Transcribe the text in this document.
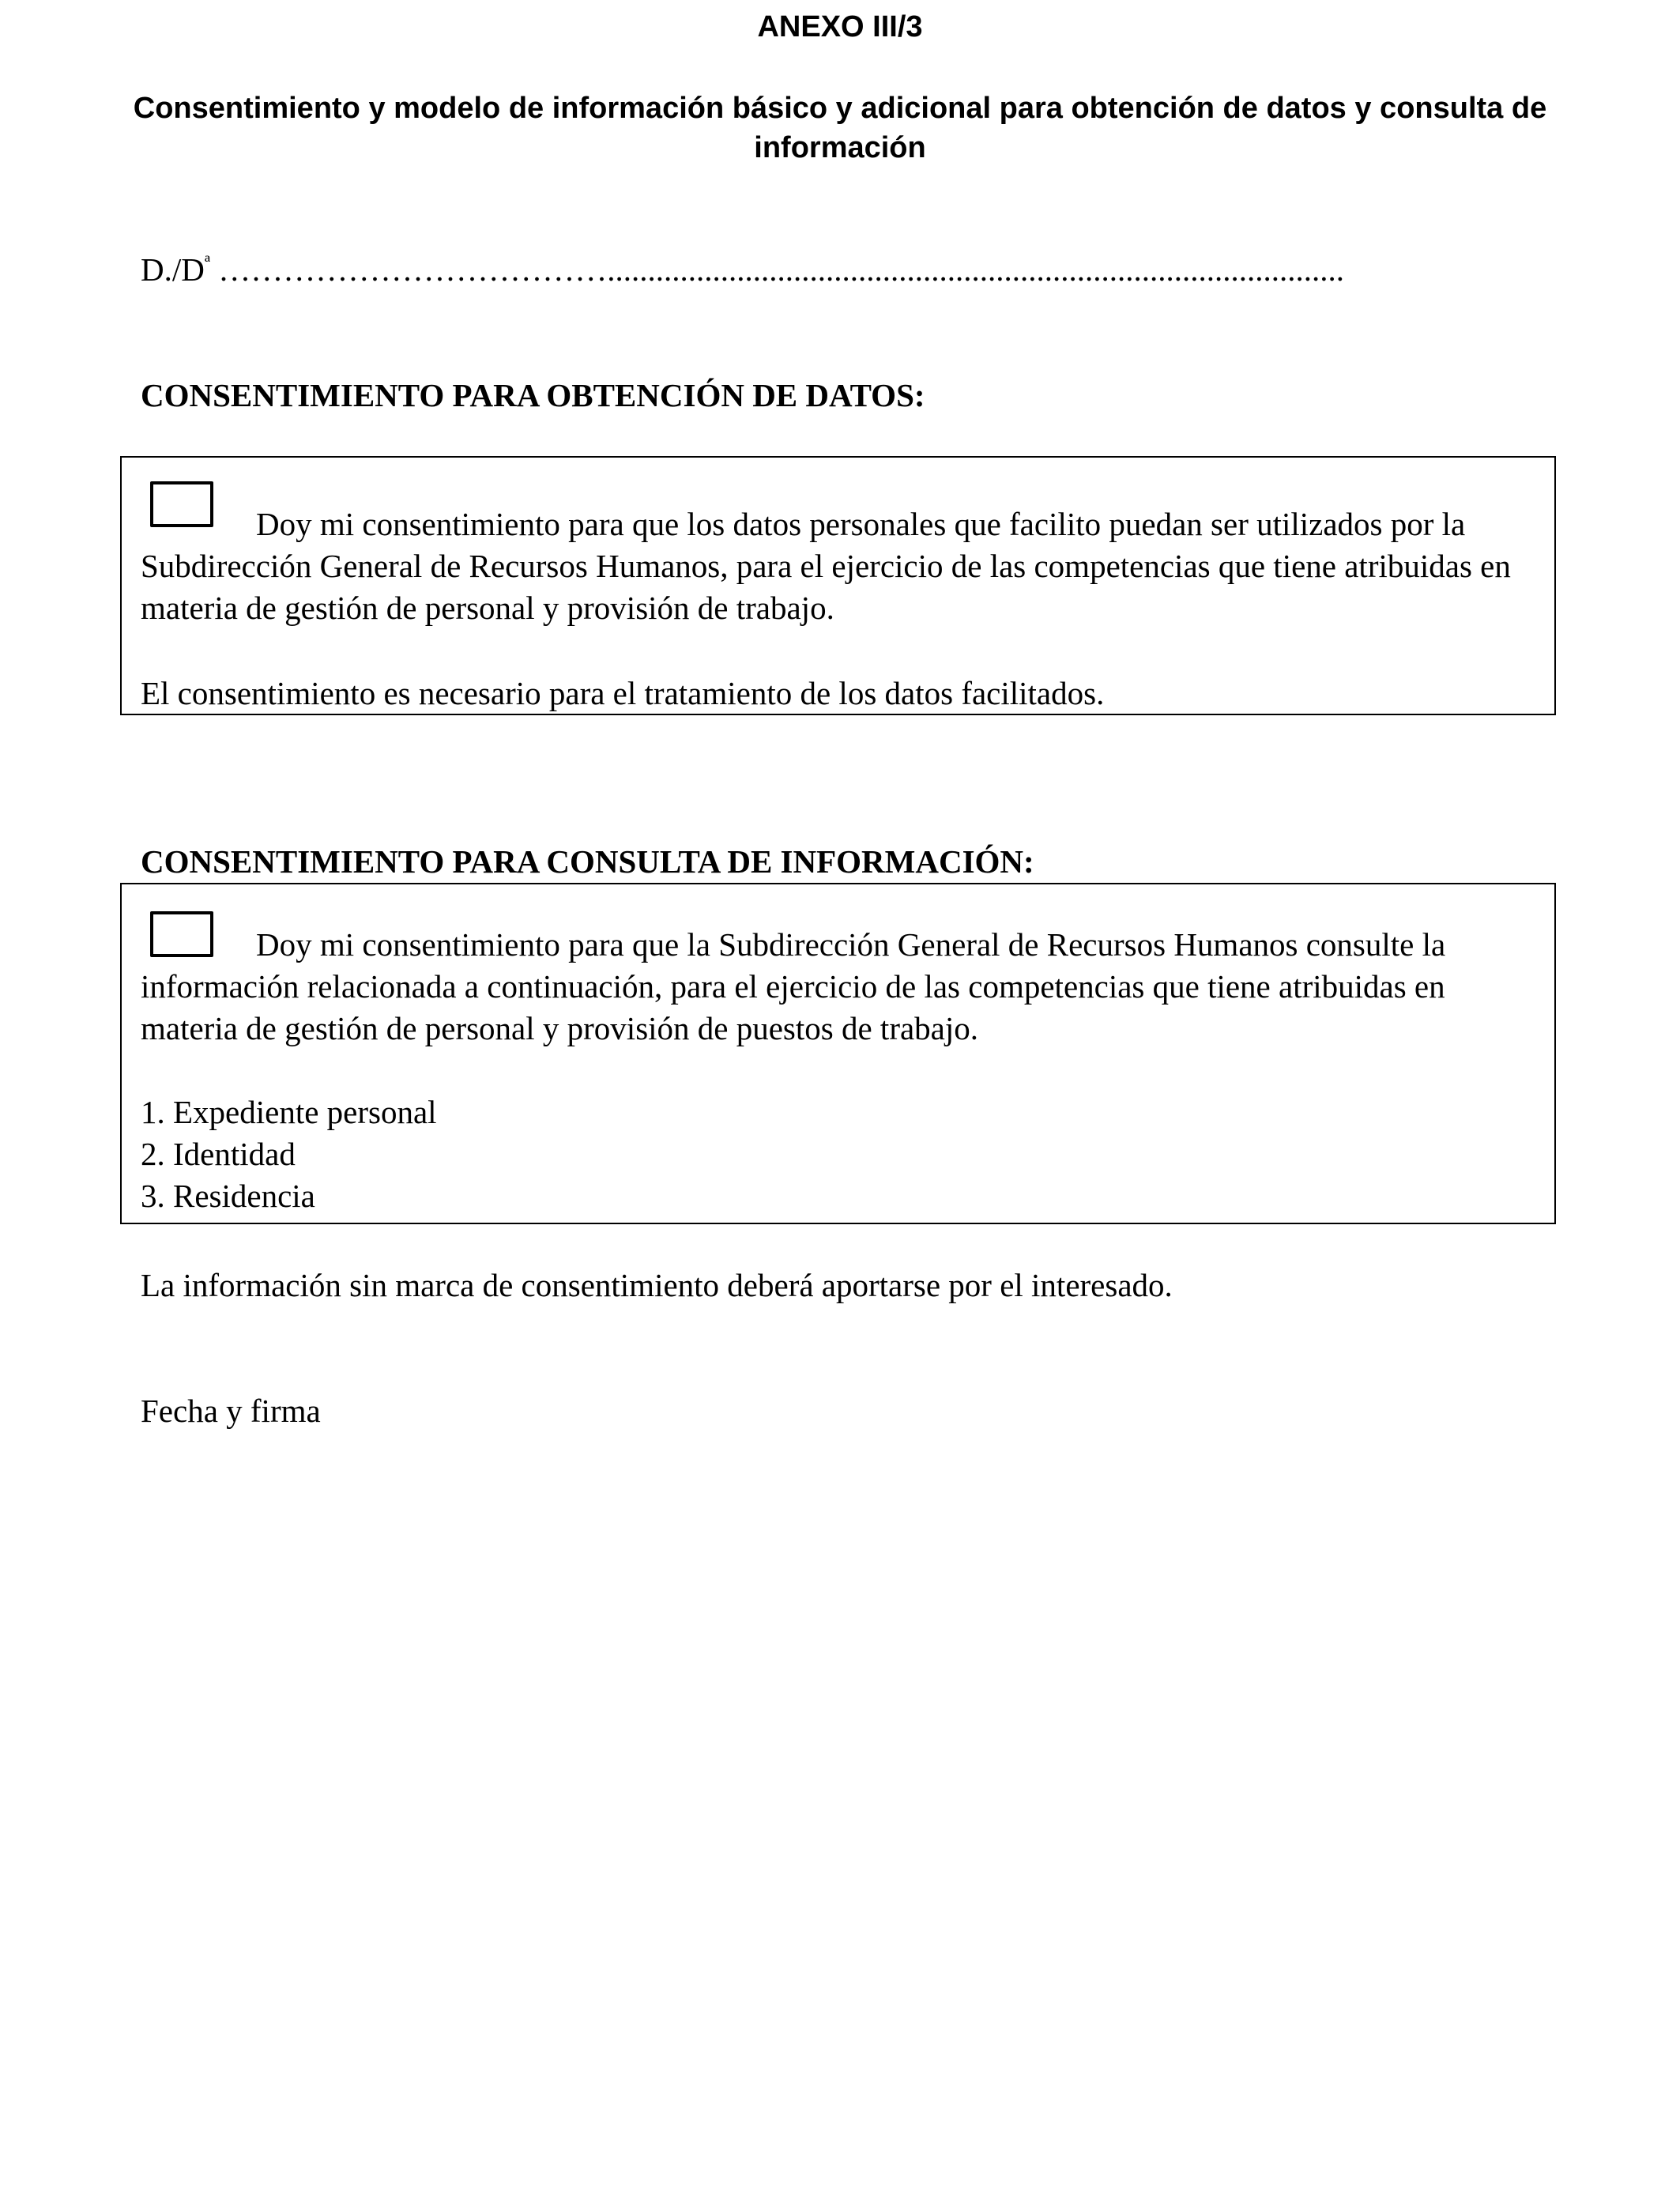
ANEXO III/3
Consentimiento y modelo de información básico y adicional para obtención de datos y consulta de información
$D./D^ª$ ………………………………...........................................................................................
CONSENTIMIENTO PARA OBTENCIÓN DE DATOS:
Doy mi consentimiento para que los datos personales que facilito puedan ser utilizados por la Subdirección General de Recursos Humanos, para el ejercicio de las competencias que tiene atribuidas en materia de gestión de personal y provisión de trabajo.
El consentimiento es necesario para el tratamiento de los datos facilitados.
CONSENTIMIENTO PARA CONSULTA DE INFORMACIÓN:
Doy mi consentimiento para que la Subdirección General de Recursos Humanos consulte la información relacionada a continuación, para el ejercicio de las competencias que tiene atribuidas en materia de gestión de personal y provisión de puestos de trabajo.
1. Expediente personal
2. Identidad
3. Residencia
La información sin marca de consentimiento deberá aportarse por el interesado.
Fecha y firma
